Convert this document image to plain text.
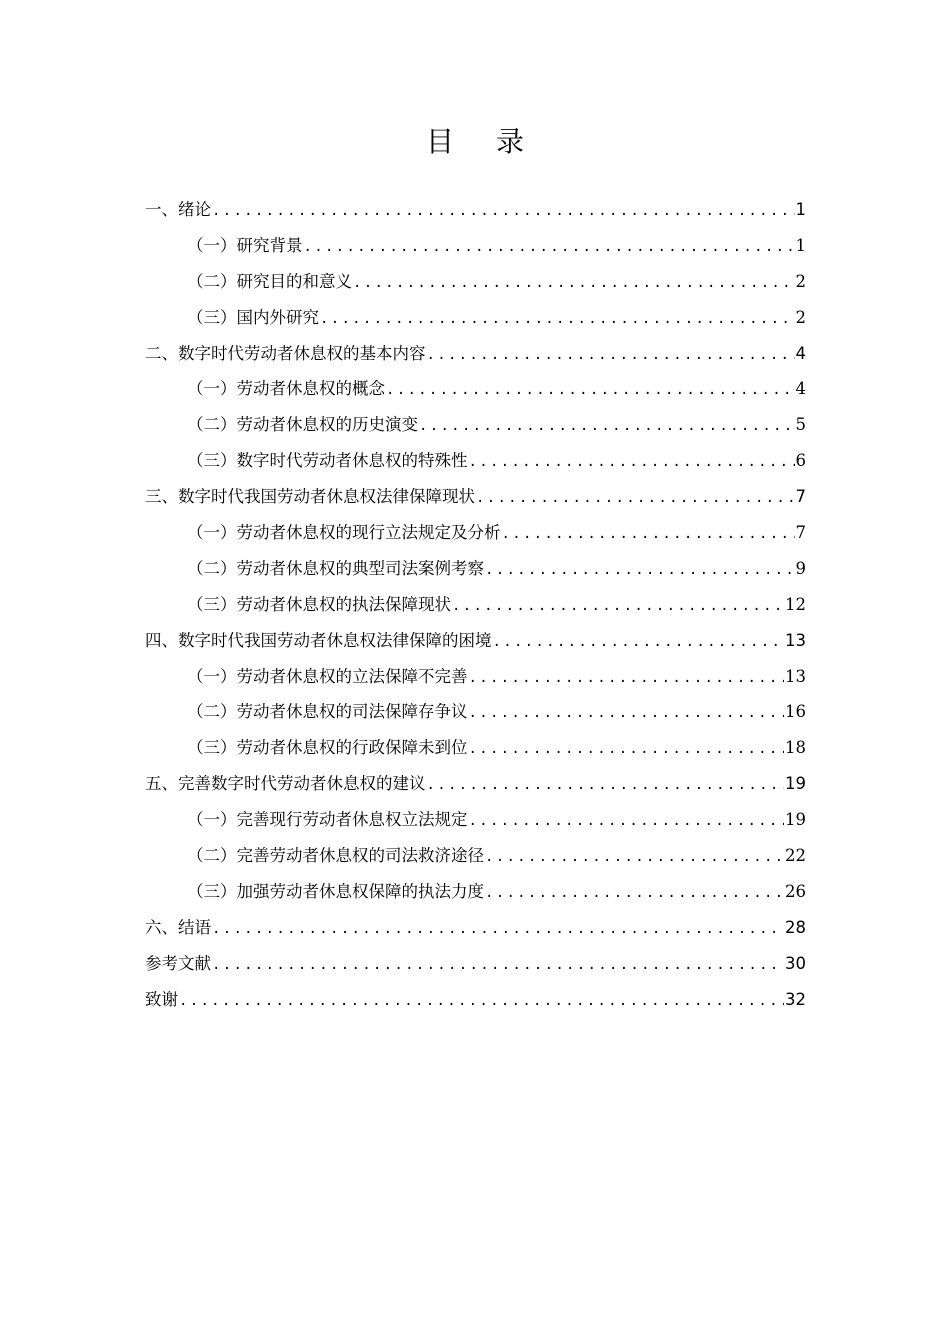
目录
一、绪论 .....	1
（一）研究背景 .....	1
（二）研究目的和意义 .....	2
（三）国内外研究 .....	2
二、数字时代劳动者休息权的基本内容 .....	4
（一）劳动者休息权的概念 .....	4
（二）劳动者休息权的历史演变 .....	5
（三）数字时代劳动者休息权的特殊性 .....	6
三、数字时代我国劳动者休息权法律保障现状 .....	7
（一）劳动者休息权的现行立法规定及分析 .....	7
（二）劳动者休息权的典型司法案例考察 .....	9
（三）劳动者休息权的执法保障现状 .....	12
四、数字时代我国劳动者休息权法律保障的困境 .....	13
（一）劳动者休息权的立法保障不完善 .....	13
（二）劳动者休息权的司法保障存争议 .....	16
（三）劳动者休息权的行政保障未到位 .....	18
五、完善数字时代劳动者休息权的建议 .....	19
（一）完善现行劳动者休息权立法规定 .....	19
（二）完善劳动者休息权的司法救济途径 .....	22
（三）加强劳动者休息权保障的执法力度 .....	26
六、结语 .....	28
参考文献 .....	30
致谢 .....	32
